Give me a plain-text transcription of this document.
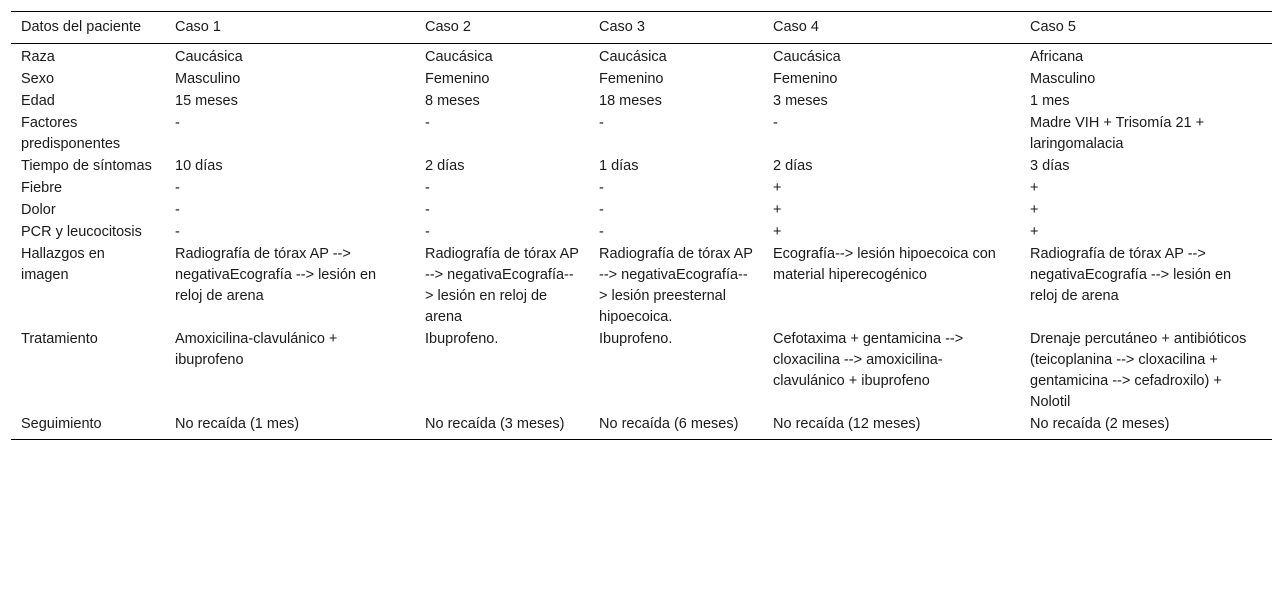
Datos del paciente	Caso 1	Caso 2	Caso 3	Caso 4	Caso 5
Raza	Caucásica	Caucásica	Caucásica	Caucásica	Africana
Sexo	Masculino	Femenino	Femenino	Femenino	Masculino
Edad	15 meses	8 meses	18 meses	3 meses	1 mes
Factores predisponentes	-	-	-	-	Madre VIH + Trisomía 21 + laringomalacia
Tiempo de síntomas	10 días	2 días	1 días	2 días	3 días
Fiebre	-	-	-	+	+
Dolor	-	-	-	+	+
PCR y leucocitosis	-	-	-	+	+
Hallazgos en imagen	Radiografía de tórax AP --> negativaEcografía --> lesión en reloj de arena	Radiografía de tórax AP --> negativaEcografía--> lesión en reloj de arena	Radiografía de tórax AP --> negativaEcografía--> lesión preesternal hipoecoica.	Ecografía--> lesión hipoecoica con material hiperecogénico	Radiografía de tórax AP --> negativaEcografía --> lesión en reloj de arena
Tratamiento	Amoxicilina-clavulánico + ibuprofeno	Ibuprofeno.	Ibuprofeno.	Cefotaxima + gentamicina --> cloxacilina --> amoxicilina-clavulánico + ibuprofeno	Drenaje percutáneo + antibióticos (teicoplanina --> cloxacilina + gentamicina --> cefadroxilo) + Nolotil
Seguimiento	No recaída (1 mes)	No recaída (3 meses)	No recaída (6 meses)	No recaída (12 meses)	No recaída (2 meses)
